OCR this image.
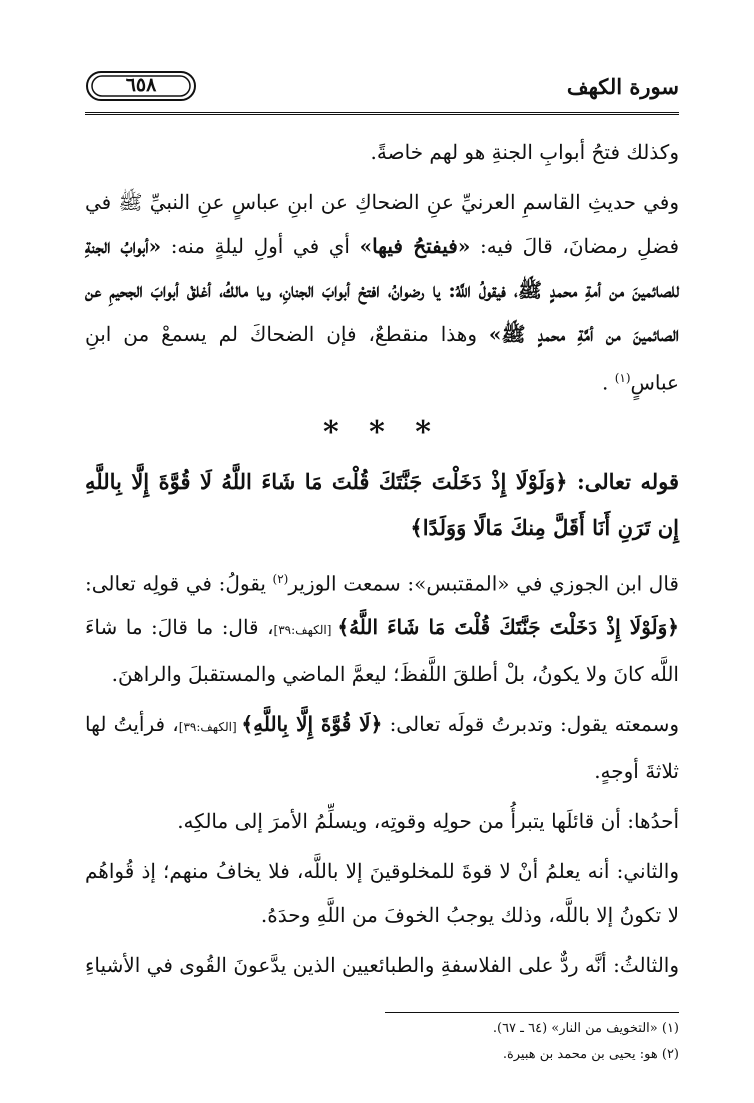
سورة الكهف
٦٥٨

وكذلك فتحُ أبوابِ الجنةِ هو لهم خاصةً.

وفي حديثِ القاسمِ العرنيِّ عنِ الضحاكِ عن ابنِ عباسٍ عنِ النبيِّ ﷺ في فضلِ رمضانَ، قالَ فيه: «فيفتحُ فيها» أي في أولِ ليلةٍ منه: «أبوابُ الجنةِ للصائمينَ من أمةِ محمدٍ ﷺ، فيقولُ اللَّهُ: يا رضوانُ، افتحْ أبوابَ الجنانِ، ويا مالكُ، أغلقْ أبوابَ الجحيمِ عن الصائمينَ من أمَّةِ محمدٍ ﷺ» وهذا منقطعٌ، فإن الضحاكَ لم يسمعْ من ابنِ عباسٍ$^{(١)}$ .

* * *

قوله تعالى: ﴿وَلَوْلَا إِذْ دَخَلْتَ جَنَّتَكَ قُلْتَ مَا شَاءَ اللَّهُ لَا قُوَّةَ إِلَّا بِاللَّهِ إِن تَرَنِ أَنَا أَقَلَّ مِنكَ مَالًا وَوَلَدًا﴾

قال ابن الجوزي في «المقتبس»: سمعت الوزير$^{(٢)}$ يقولُ: في قولِه تعالى: ﴿وَلَوْلَا إِذْ دَخَلْتَ جَنَّتَكَ قُلْتَ مَا شَاءَ اللَّهُ﴾ [الكهف:٣٩]، قال: ما قالَ: ما شاءَ اللَّه كانَ ولا يكونُ، بلْ أطلقَ اللَّفظَ؛ ليعمَّ الماضي والمستقبلَ والراهنَ.

وسمعته يقول: وتدبرتُ قولَه تعالى: ﴿لَا قُوَّةَ إِلَّا بِاللَّهِ﴾ [الكهف:٣٩]، فرأيتُ لها ثلاثةَ أوجهٍ.

أحدُها: أن قائلَها يتبرأُ من حولِه وقوتِه، ويسلِّمُ الأمرَ إلى مالكِه.

والثاني: أنه يعلمُ أنْ لا قوةَ للمخلوقينَ إلا باللَّه، فلا يخافُ منهم؛ إذ قُواهُم لا تكونُ إلا باللَّه، وذلك يوجبُ الخوفَ من اللَّهِ وحدَهُ.

والثالثُ: أنَّه ردٌّ على الفلاسفةِ والطبائعيين الذين يدَّعونَ القُوى في الأشياءِ

(١) «التخويف من النار» (٦٤ ـ ٦٧).
(٢) هو: يحيى بن محمد بن هبيرة.
